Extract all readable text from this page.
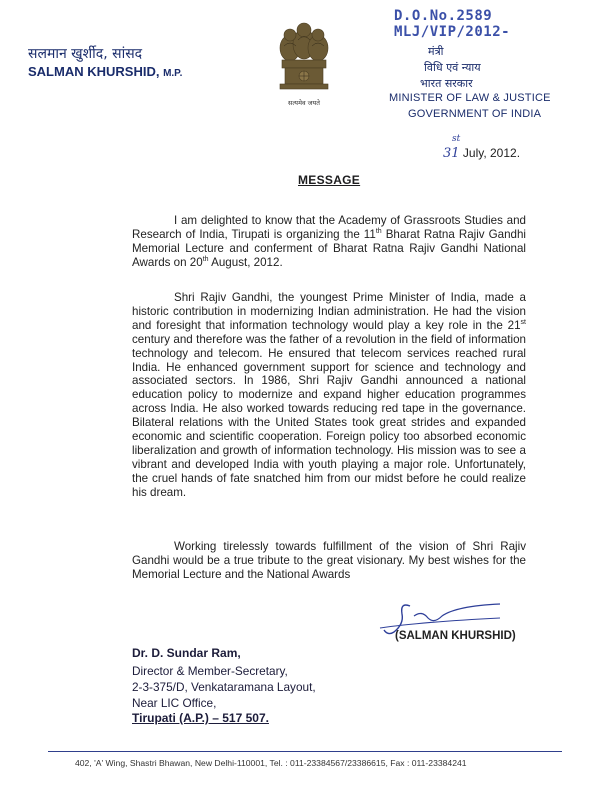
सलमान खुर्शीद, सांसद
SALMAN KHURSHID, M.P.
सत्यमेव जयते
D.O.No.2589 MLJ/VIP/2012-
मंत्री
विधि एवं न्याय
भारत सरकार
MINISTER OF LAW & JUSTICE
GOVERNMENT OF INDIA
st
31 July, 2012.
MESSAGE
I am delighted to know that the Academy of Grassroots Studies and Research of India, Tirupati is organizing the 11th Bharat Ratna Rajiv Gandhi Memorial Lecture and conferment of Bharat Ratna Rajiv Gandhi National Awards on 20th August, 2012.
Shri Rajiv Gandhi, the youngest Prime Minister of India, made a historic contribution in modernizing Indian administration. He had the vision and foresight that information technology would play a key role in the 21st century and therefore was the father of a revolution in the field of information technology and telecom. He ensured that telecom services reached rural India. He enhanced government support for science and technology and associated sectors. In 1986, Shri Rajiv Gandhi announced a national education policy to modernize and expand higher education programmes across India. He also worked towards reducing red tape in the governance. Bilateral relations with the United States took great strides and expanded economic and scientific cooperation. Foreign policy too absorbed economic liberalization and growth of information technology. His mission was to see a vibrant and developed India with youth playing a major role. Unfortunately, the cruel hands of fate snatched him from our midst before he could realize his dream.
Working tirelessly towards fulfillment of the vision of Shri Rajiv Gandhi would be a true tribute to the great visionary. My best wishes for the Memorial Lecture and the National Awards
(SALMAN KHURSHID)
Dr. D. Sundar Ram,
Director & Member-Secretary,
2-3-375/D, Venkataramana Layout,
Near LIC Office,
Tirupati (A.P.) – 517 507.
402, 'A' Wing, Shastri Bhawan, New Delhi-110001, Tel. : 011-23384567/23386615, Fax : 011-23384241
